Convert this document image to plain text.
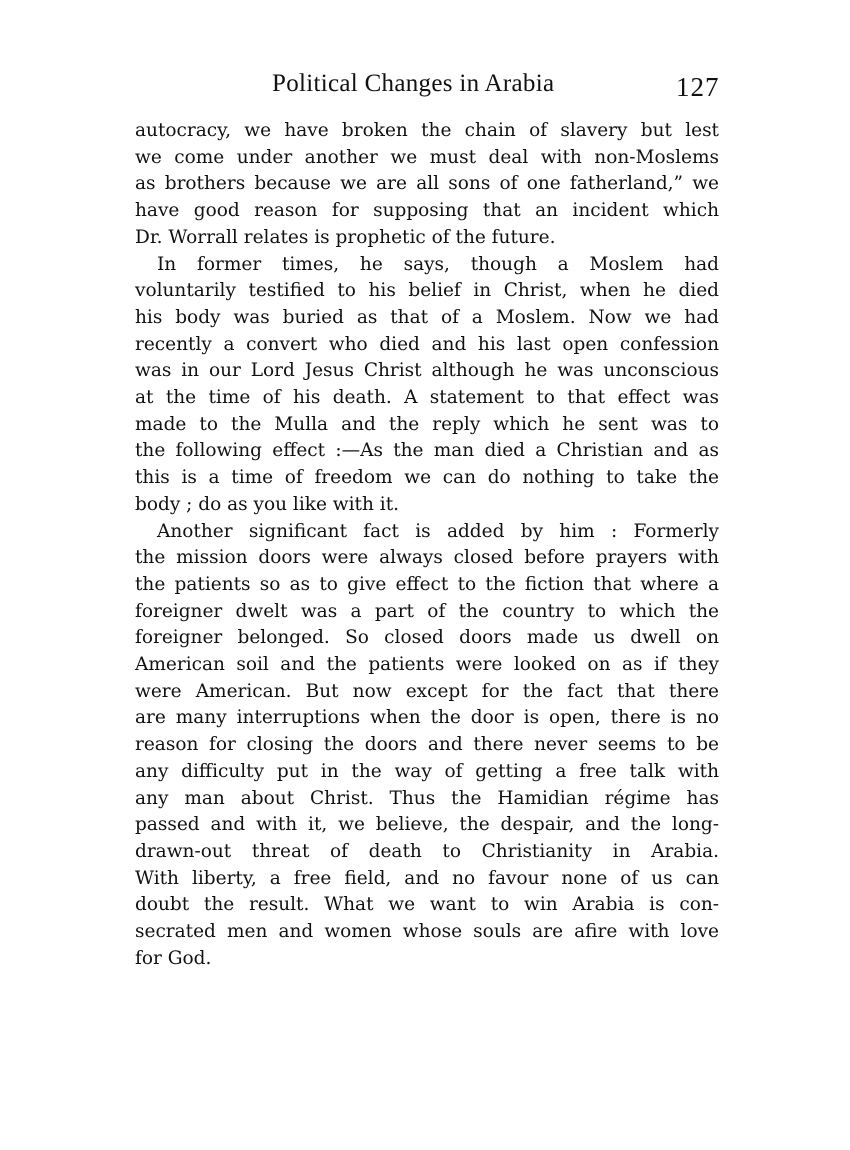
Political Changes in Arabia	127
autocracy, we have broken the chain of slavery but lest
we come under another we must deal with non-Moslems
as brothers because we are all sons of one fatherland,” we
have good reason for supposing that an incident which
Dr. Worrall relates is prophetic of the future.
In former times, he says, though a Moslem had
voluntarily testified to his belief in Christ, when he died
his body was buried as that of a Moslem. Now we had
recently a convert who died and his last open confession
was in our Lord Jesus Christ although he was unconscious
at the time of his death. A statement to that effect was
made to the Mulla and the reply which he sent was to
the following effect :—As the man died a Christian and as
this is a time of freedom we can do nothing to take the
body ; do as you like with it.
Another significant fact is added by him : Formerly
the mission doors were always closed before prayers with
the patients so as to give effect to the fiction that where a
foreigner dwelt was a part of the country to which the
foreigner belonged. So closed doors made us dwell on
American soil and the patients were looked on as if they
were American. But now except for the fact that there
are many interruptions when the door is open, there is no
reason for closing the doors and there never seems to be
any difficulty put in the way of getting a free talk with
any man about Christ. Thus the Hamidian régime has
passed and with it, we believe, the despair, and the long-
drawn-out threat of death to Christianity in Arabia.
With liberty, a free field, and no favour none of us can
doubt the result. What we want to win Arabia is con-
secrated men and women whose souls are afire with love
for God.
